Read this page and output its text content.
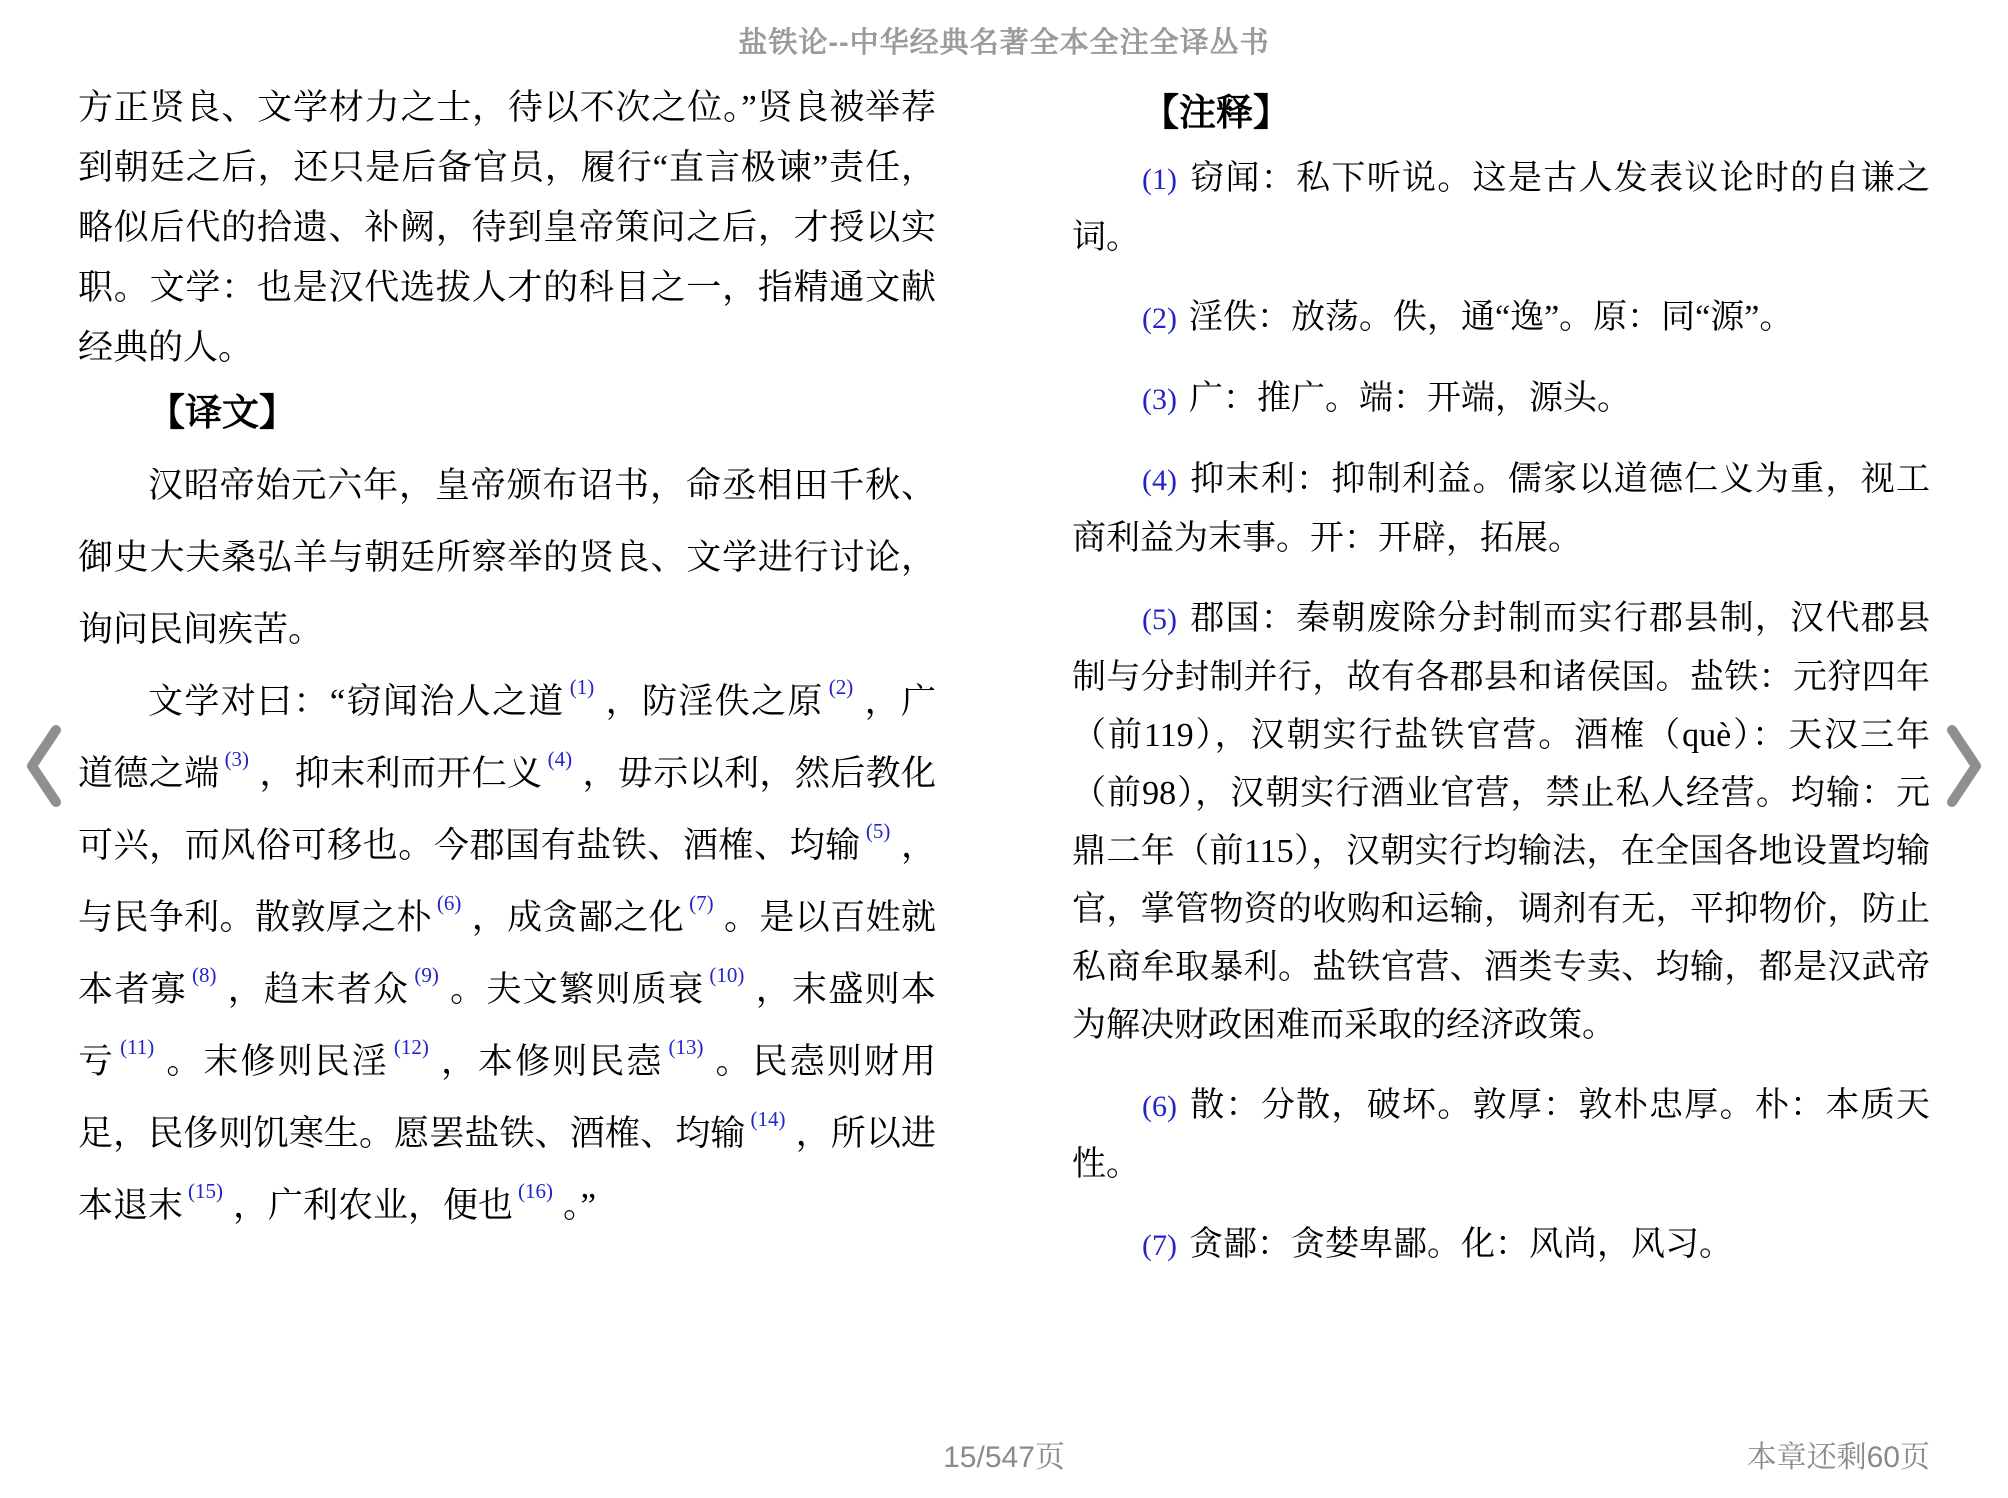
盐铁论--中华经典名著全本全注全译丛书

方正贤良、文学材力之士，待以不次之位。”贤良被举荐到朝廷之后，还只是后备官员，履行“直言极谏”责任，略似后代的拾遗、补阙，待到皇帝策问之后，才授以实职。文学：也是汉代选拔人才的科目之一，指精通文献经典的人。

【译文】

汉昭帝始元六年，皇帝颁布诏书，命丞相田千秋、御史大夫桑弘羊与朝廷所察举的贤良、文学进行讨论，询问民间疾苦。

文学对曰：“窃闻治人之道 $^{(1)}$ ，防淫佚之原 $^{(2)}$ ，广道德之端 $^{(3)}$ ，抑末利而开仁义 $^{(4)}$ ，毋示以利，然后教化可兴，而风俗可移也。今郡国有盐铁、酒榷、均输 $^{(5)}$ ，与民争利。散敦厚之朴 $^{(6)}$ ，成贪鄙之化 $^{(7)}$ 。是以百姓就本者寡 $^{(8)}$ ，趋末者众 $^{(9)}$ 。夫文繁则质衰 $^{(10)}$ ，末盛则本亏 $^{(11)}$ 。末修则民淫 $^{(12)}$ ，本修则民悫 $^{(13)}$ 。民悫则财用足，民侈则饥寒生。愿罢盐铁、酒榷、均输 $^{(14)}$ ，所以进本退末 $^{(15)}$ ，广利农业，便也 $^{(16)}$ 。”

【注释】

(1) 窃闻：私下听说。这是古人发表议论时的自谦之词。

(2) 淫佚：放荡。佚，通“逸”。原：同“源”。

(3) 广：推广。端：开端，源头。

(4) 抑末利：抑制利益。儒家以道德仁义为重，视工商利益为末事。开：开辟，拓展。

(5) 郡国：秦朝废除分封制而实行郡县制，汉代郡县制与分封制并行，故有各郡县和诸侯国。盐铁：元狩四年（前119），汉朝实行盐铁官营。酒榷（què）：天汉三年（前98），汉朝实行酒业官营，禁止私人经营。均输：元鼎二年（前115），汉朝实行均输法，在全国各地设置均输官，掌管物资的收购和运输，调剂有无，平抑物价，防止私商牟取暴利。盐铁官营、酒类专卖、均输，都是汉武帝为解决财政困难而采取的经济政策。

(6) 散：分散，破坏。敦厚：敦朴忠厚。朴：本质天性。

(7) 贪鄙：贪婪卑鄙。化：风尚，风习。

15/547页	本章还剩60页
